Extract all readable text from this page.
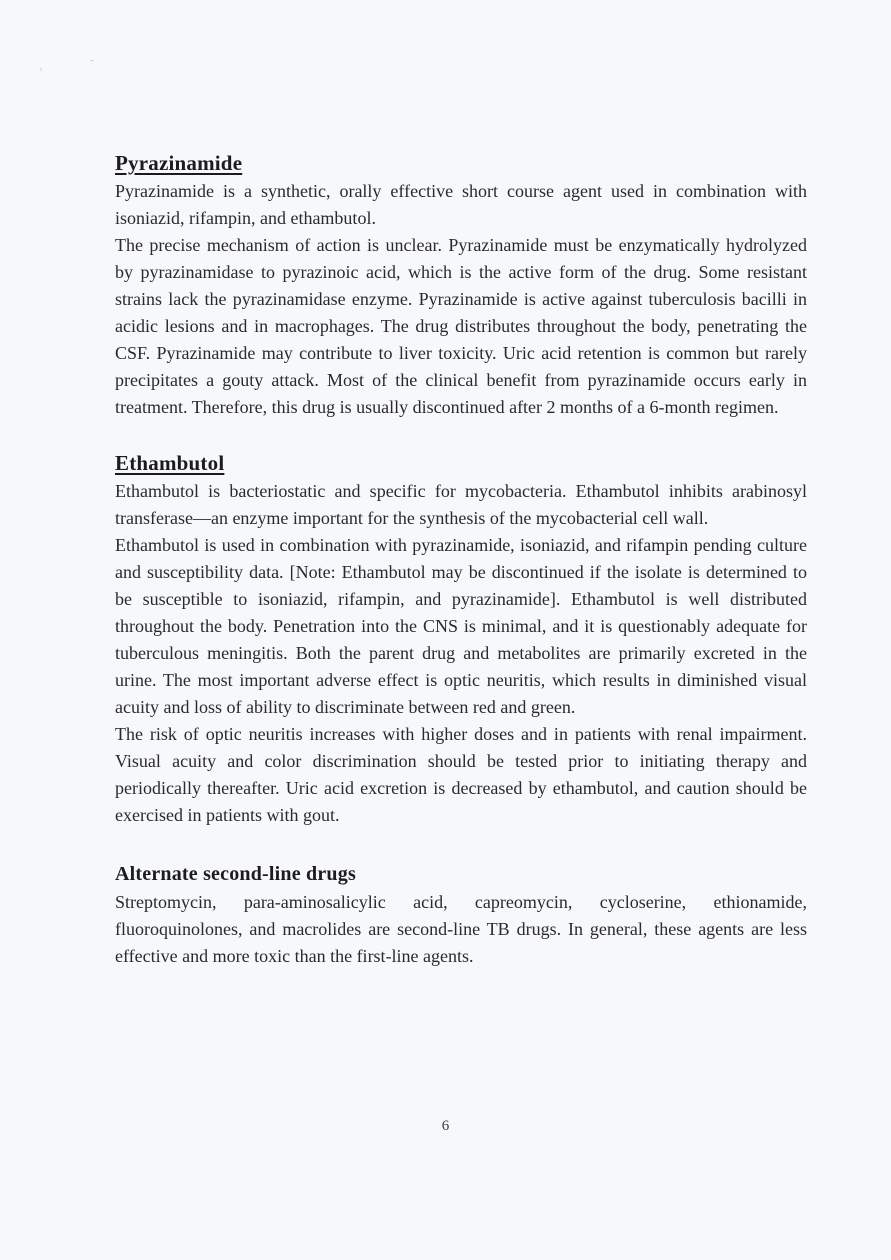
ʳ
-
Pyrazinamide

Pyrazinamide is a synthetic, orally effective short course agent used in combination with isoniazid, rifampin, and ethambutol.

The precise mechanism of action is unclear. Pyrazinamide must be enzymatically hydrolyzed by pyrazinamidase to pyrazinoic acid, which is the active form of the drug. Some resistant strains lack the pyrazinamidase enzyme. Pyrazinamide is active against tuberculosis bacilli in acidic lesions and in macrophages. The drug distributes throughout the body, penetrating the CSF. Pyrazinamide may contribute to liver toxicity. Uric acid retention is common but rarely precipitates a gouty attack. Most of the clinical benefit from pyrazinamide occurs early in treatment. Therefore, this drug is usually discontinued after 2 months of a 6-month regimen.

Ethambutol

Ethambutol is bacteriostatic and specific for mycobacteria. Ethambutol inhibits arabinosyl transferase—an enzyme important for the synthesis of the mycobacterial cell wall.

Ethambutol is used in combination with pyrazinamide, isoniazid, and rifampin pending culture and susceptibility data. [Note: Ethambutol may be discontinued if the isolate is determined to be susceptible to isoniazid, rifampin, and pyrazinamide]. Ethambutol is well distributed throughout the body. Penetration into the CNS is minimal, and it is questionably adequate for tuberculous meningitis. Both the parent drug and metabolites are primarily excreted in the urine. The most important adverse effect is optic neuritis, which results in diminished visual acuity and loss of ability to discriminate between red and green.

The risk of optic neuritis increases with higher doses and in patients with renal impairment. Visual acuity and color discrimination should be tested prior to initiating therapy and periodically thereafter. Uric acid excretion is decreased by ethambutol, and caution should be exercised in patients with gout.

Alternate second-line drugs

Streptomycin, para-aminosalicylic acid, capreomycin, cycloserine, ethionamide, fluoroquinolones, and macrolides are second-line TB drugs. In general, these agents are less effective and more toxic than the first-line agents.

6
